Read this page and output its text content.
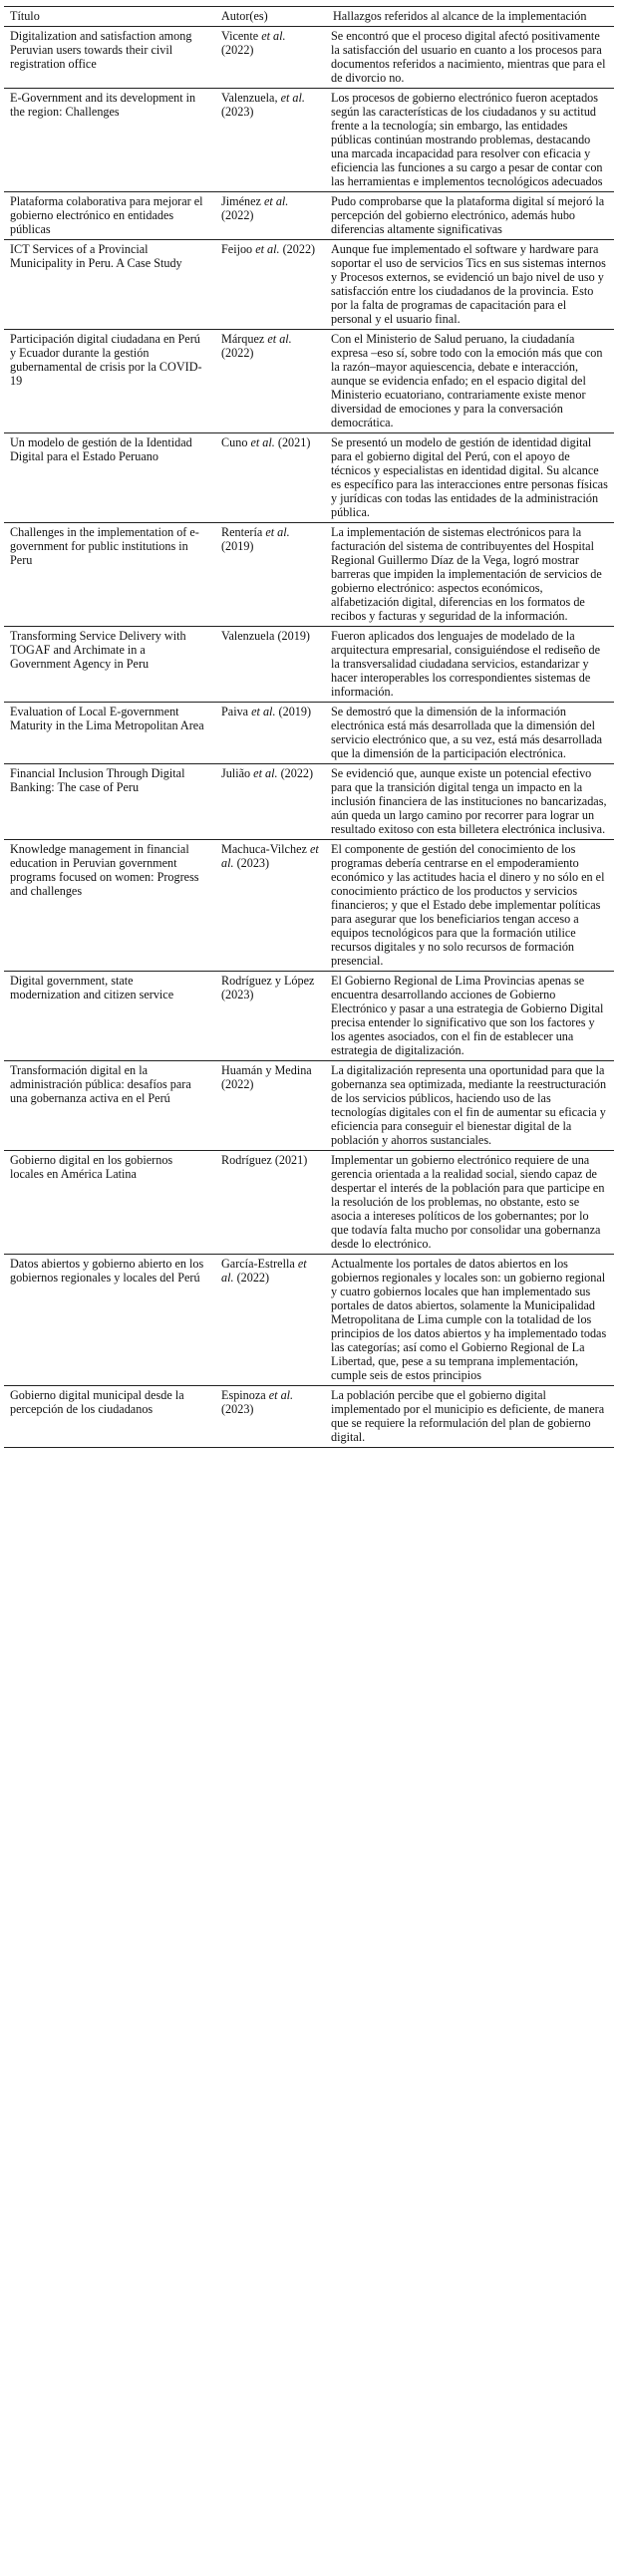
Título	Autor(es)	Hallazgos referidos al alcance de la implementación
Digitalization and satisfaction among Peruvian users towards their civil registration office	Vicente et al. (2022)	Se encontró que el proceso digital afectó positivamente la satisfacción del usuario en cuanto a los procesos para documentos referidos a nacimiento, mientras que para el de divorcio no.
E-Government and its development in the region: Challenges	Valenzuela, et al. (2023)	Los procesos de gobierno electrónico fueron aceptados según las características de los ciudadanos y su actitud frente a la tecnología; sin embargo, las entidades públicas continúan mostrando problemas, destacando una marcada incapacidad para resolver con eficacia y eficiencia las funciones a su cargo a pesar de contar con las herramientas e implementos tecnológicos adecuados
Plataforma colaborativa para mejorar el gobierno electrónico en entidades públicas	Jiménez et al. (2022)	Pudo comprobarse que la plataforma digital sí mejoró la percepción del gobierno electrónico, además hubo diferencias altamente significativas
ICT Services of a Provincial Municipality in Peru. A Case Study	Feijoo et al. (2022)	Aunque fue implementado el software y hardware para soportar el uso de servicios Tics en sus sistemas internos y Procesos externos, se evidenció un bajo nivel de uso y satisfacción entre los ciudadanos de la provincia. Esto por la falta de programas de capacitación para el personal y el usuario final.
Participación digital ciudadana en Perú y Ecuador durante la gestión gubernamental de crisis por la COVID-19	Márquez et al. (2022)	Con el Ministerio de Salud peruano, la ciudadanía expresa –eso sí, sobre todo con la emoción más que con la razón–mayor aquiescencia, debate e interacción, aunque se evidencia enfado; en el espacio digital del Ministerio ecuatoriano, contrariamente existe menor diversidad de emociones y para la conversación democrática.
Un modelo de gestión de la Identidad Digital para el Estado Peruano	Cuno et al. (2021)	Se presentó un modelo de gestión de identidad digital para el gobierno digital del Perú, con el apoyo de técnicos y especialistas en identidad digital. Su alcance es específico para las interacciones entre personas físicas y jurídicas con todas las entidades de la administración pública.
Challenges in the implementation of e-government for public institutions in Peru	Rentería et al. (2019)	La implementación de sistemas electrónicos para la facturación del sistema de contribuyentes del Hospital Regional Guillermo Díaz de la Vega, logró mostrar barreras que impiden la implementación de servicios de gobierno electrónico: aspectos económicos, alfabetización digital, diferencias en los formatos de recibos y facturas y seguridad de la información.
Transforming Service Delivery with TOGAF and Archimate in a Government Agency in Peru	Valenzuela (2019)	Fueron aplicados dos lenguajes de modelado de la arquitectura empresarial, consiguiéndose el rediseño de la transversalidad ciudadana servicios, estandarizar y hacer interoperables los correspondientes sistemas de información.
Evaluation of Local E-government Maturity in the Lima Metropolitan Area	Paiva et al. (2019)	Se demostró que la dimensión de la información electrónica está más desarrollada que la dimensión del servicio electrónico que, a su vez, está más desarrollada que la dimensión de la participación electrónica.
Financial Inclusion Through Digital Banking: The case of Peru	Julião et al. (2022)	Se evidenció que, aunque existe un potencial efectivo para que la transición digital tenga un impacto en la inclusión financiera de las instituciones no bancarizadas, aún queda un largo camino por recorrer para lograr un resultado exitoso con esta billetera electrónica inclusiva.
Knowledge management in financial education in Peruvian government programs focused on women: Progress and challenges	Machuca-Vilchez et al. (2023)	El componente de gestión del conocimiento de los programas debería centrarse en el empoderamiento económico y las actitudes hacia el dinero y no sólo en el conocimiento práctico de los productos y servicios financieros; y que el Estado debe implementar políticas para asegurar que los beneficiarios tengan acceso a equipos tecnológicos para que la formación utilice recursos digitales y no solo recursos de formación presencial.
Digital government, state modernization and citizen service	Rodríguez y López (2023)	El Gobierno Regional de Lima Provincias apenas se encuentra desarrollando acciones de Gobierno Electrónico y pasar a una estrategia de Gobierno Digital precisa entender lo significativo que son los factores y los agentes asociados, con el fin de establecer una estrategia de digitalización.
Transformación digital en la administración pública: desafíos para una gobernanza activa en el Perú	Huamán y Medina (2022)	La digitalización representa una oportunidad para que la gobernanza sea optimizada, mediante la reestructuración de los servicios públicos, haciendo uso de las tecnologías digitales con el fin de aumentar su eficacia y eficiencia para conseguir el bienestar digital de la población y ahorros sustanciales.
Gobierno digital en los gobiernos locales en América Latina	Rodríguez (2021)	Implementar un gobierno electrónico requiere de una gerencia orientada a la realidad social, siendo capaz de despertar el interés de la población para que participe en la resolución de los problemas, no obstante, esto se asocia a intereses políticos de los gobernantes; por lo que todavía falta mucho por consolidar una gobernanza desde lo electrónico.
Datos abiertos y gobierno abierto en los gobiernos regionales y locales del Perú	García-Estrella et al. (2022)	Actualmente los portales de datos abiertos en los gobiernos regionales y locales son: un gobierno regional y cuatro gobiernos locales que han implementado sus portales de datos abiertos, solamente la Municipalidad Metropolitana de Lima cumple con la totalidad de los principios de los datos abiertos y ha implementado todas las categorías; así como el Gobierno Regional de La Libertad, que, pese a su temprana implementación, cumple seis de estos principios
Gobierno digital municipal desde la percepción de los ciudadanos	Espinoza et al. (2023)	La población percibe que el gobierno digital implementado por el municipio es deficiente, de manera que se requiere la reformulación del plan de gobierno digital.
